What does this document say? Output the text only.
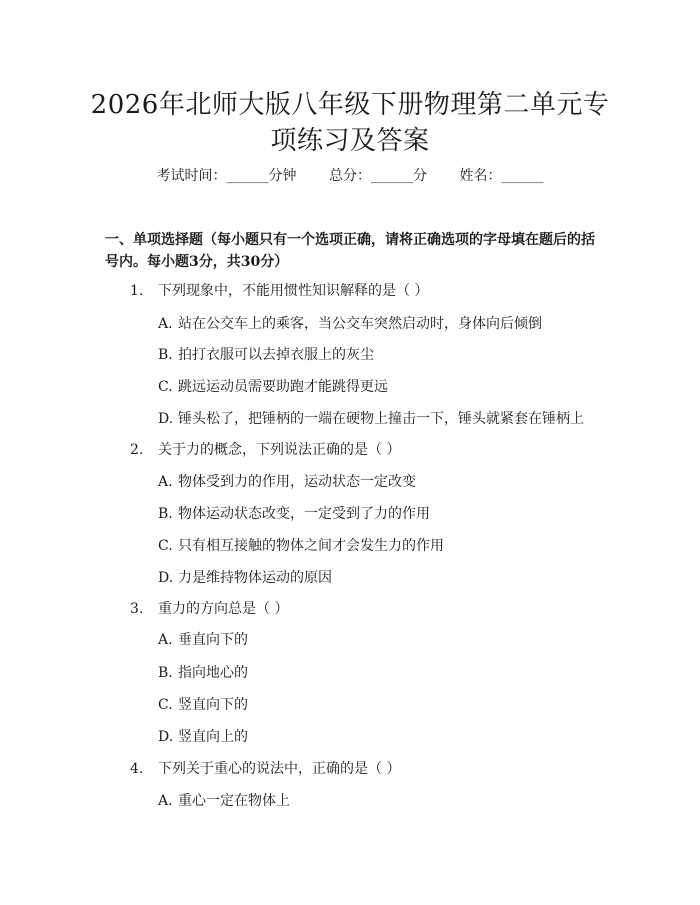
2026年北师大版八年级下册物理第二单元专
项练习及答案
考试时间：______分钟 总分：______分 姓名：______
一、单项选择题（每小题只有一个选项正确，请将正确选项的字母填在题后的括
号内。每小题3分，共30分）
1. 下列现象中，不能用惯性知识解释的是（ ）
A. 站在公交车上的乘客，当公交车突然启动时，身体向后倾倒
B. 拍打衣服可以去掉衣服上的灰尘
C. 跳远运动员需要助跑才能跳得更远
D. 锤头松了，把锤柄的一端在硬物上撞击一下，锤头就紧套在锤柄上
2. 关于力的概念，下列说法正确的是（ ）
A. 物体受到力的作用，运动状态一定改变
B. 物体运动状态改变，一定受到了力的作用
C. 只有相互接触的物体之间才会发生力的作用
D. 力是维持物体运动的原因
3. 重力的方向总是（ ）
A. 垂直向下的
B. 指向地心的
C. 竖直向下的
D. 竖直向上的
4. 下列关于重心的说法中，正确的是（ ）
A. 重心一定在物体上
